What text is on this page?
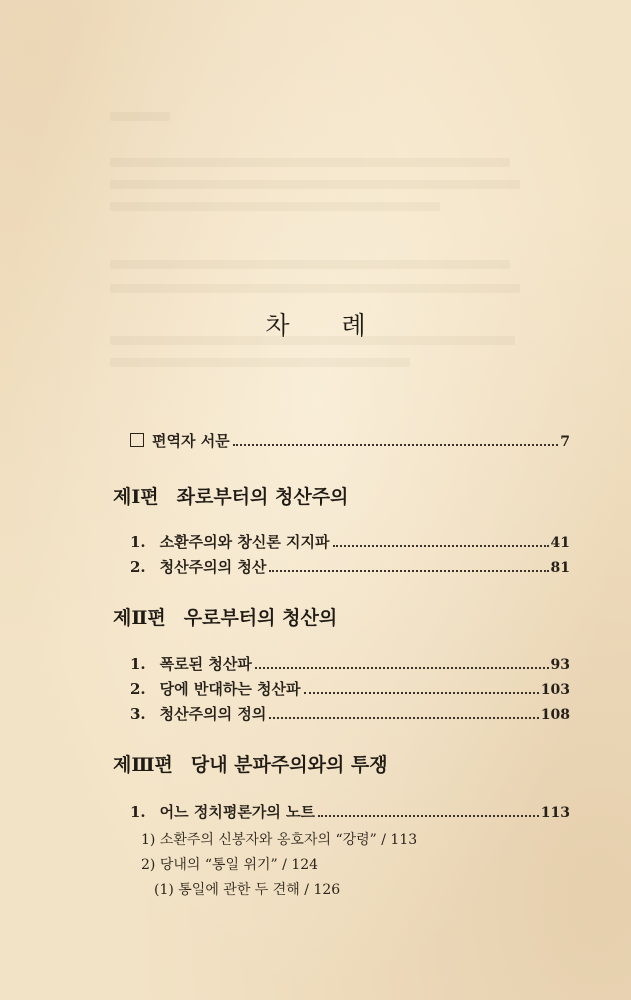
차 례
편역자 서문	7
제Ⅰ편 좌로부터의 청산주의
1. 소환주의와 창신론 지지파	41
2. 청산주의의 청산	81
제Ⅱ편 우로부터의 청산의
1. 폭로된 청산파	93
2. 당에 반대하는 청산파	103
3. 청산주의의 정의	108
제Ⅲ편 당내 분파주의와의 투쟁
1. 어느 정치평론가의 노트	113
1) 소환주의 신봉자와 옹호자의 “강령” / 113
2) 당내의 “통일 위기” / 124
(1) 통일에 관한 두 견해 / 126
